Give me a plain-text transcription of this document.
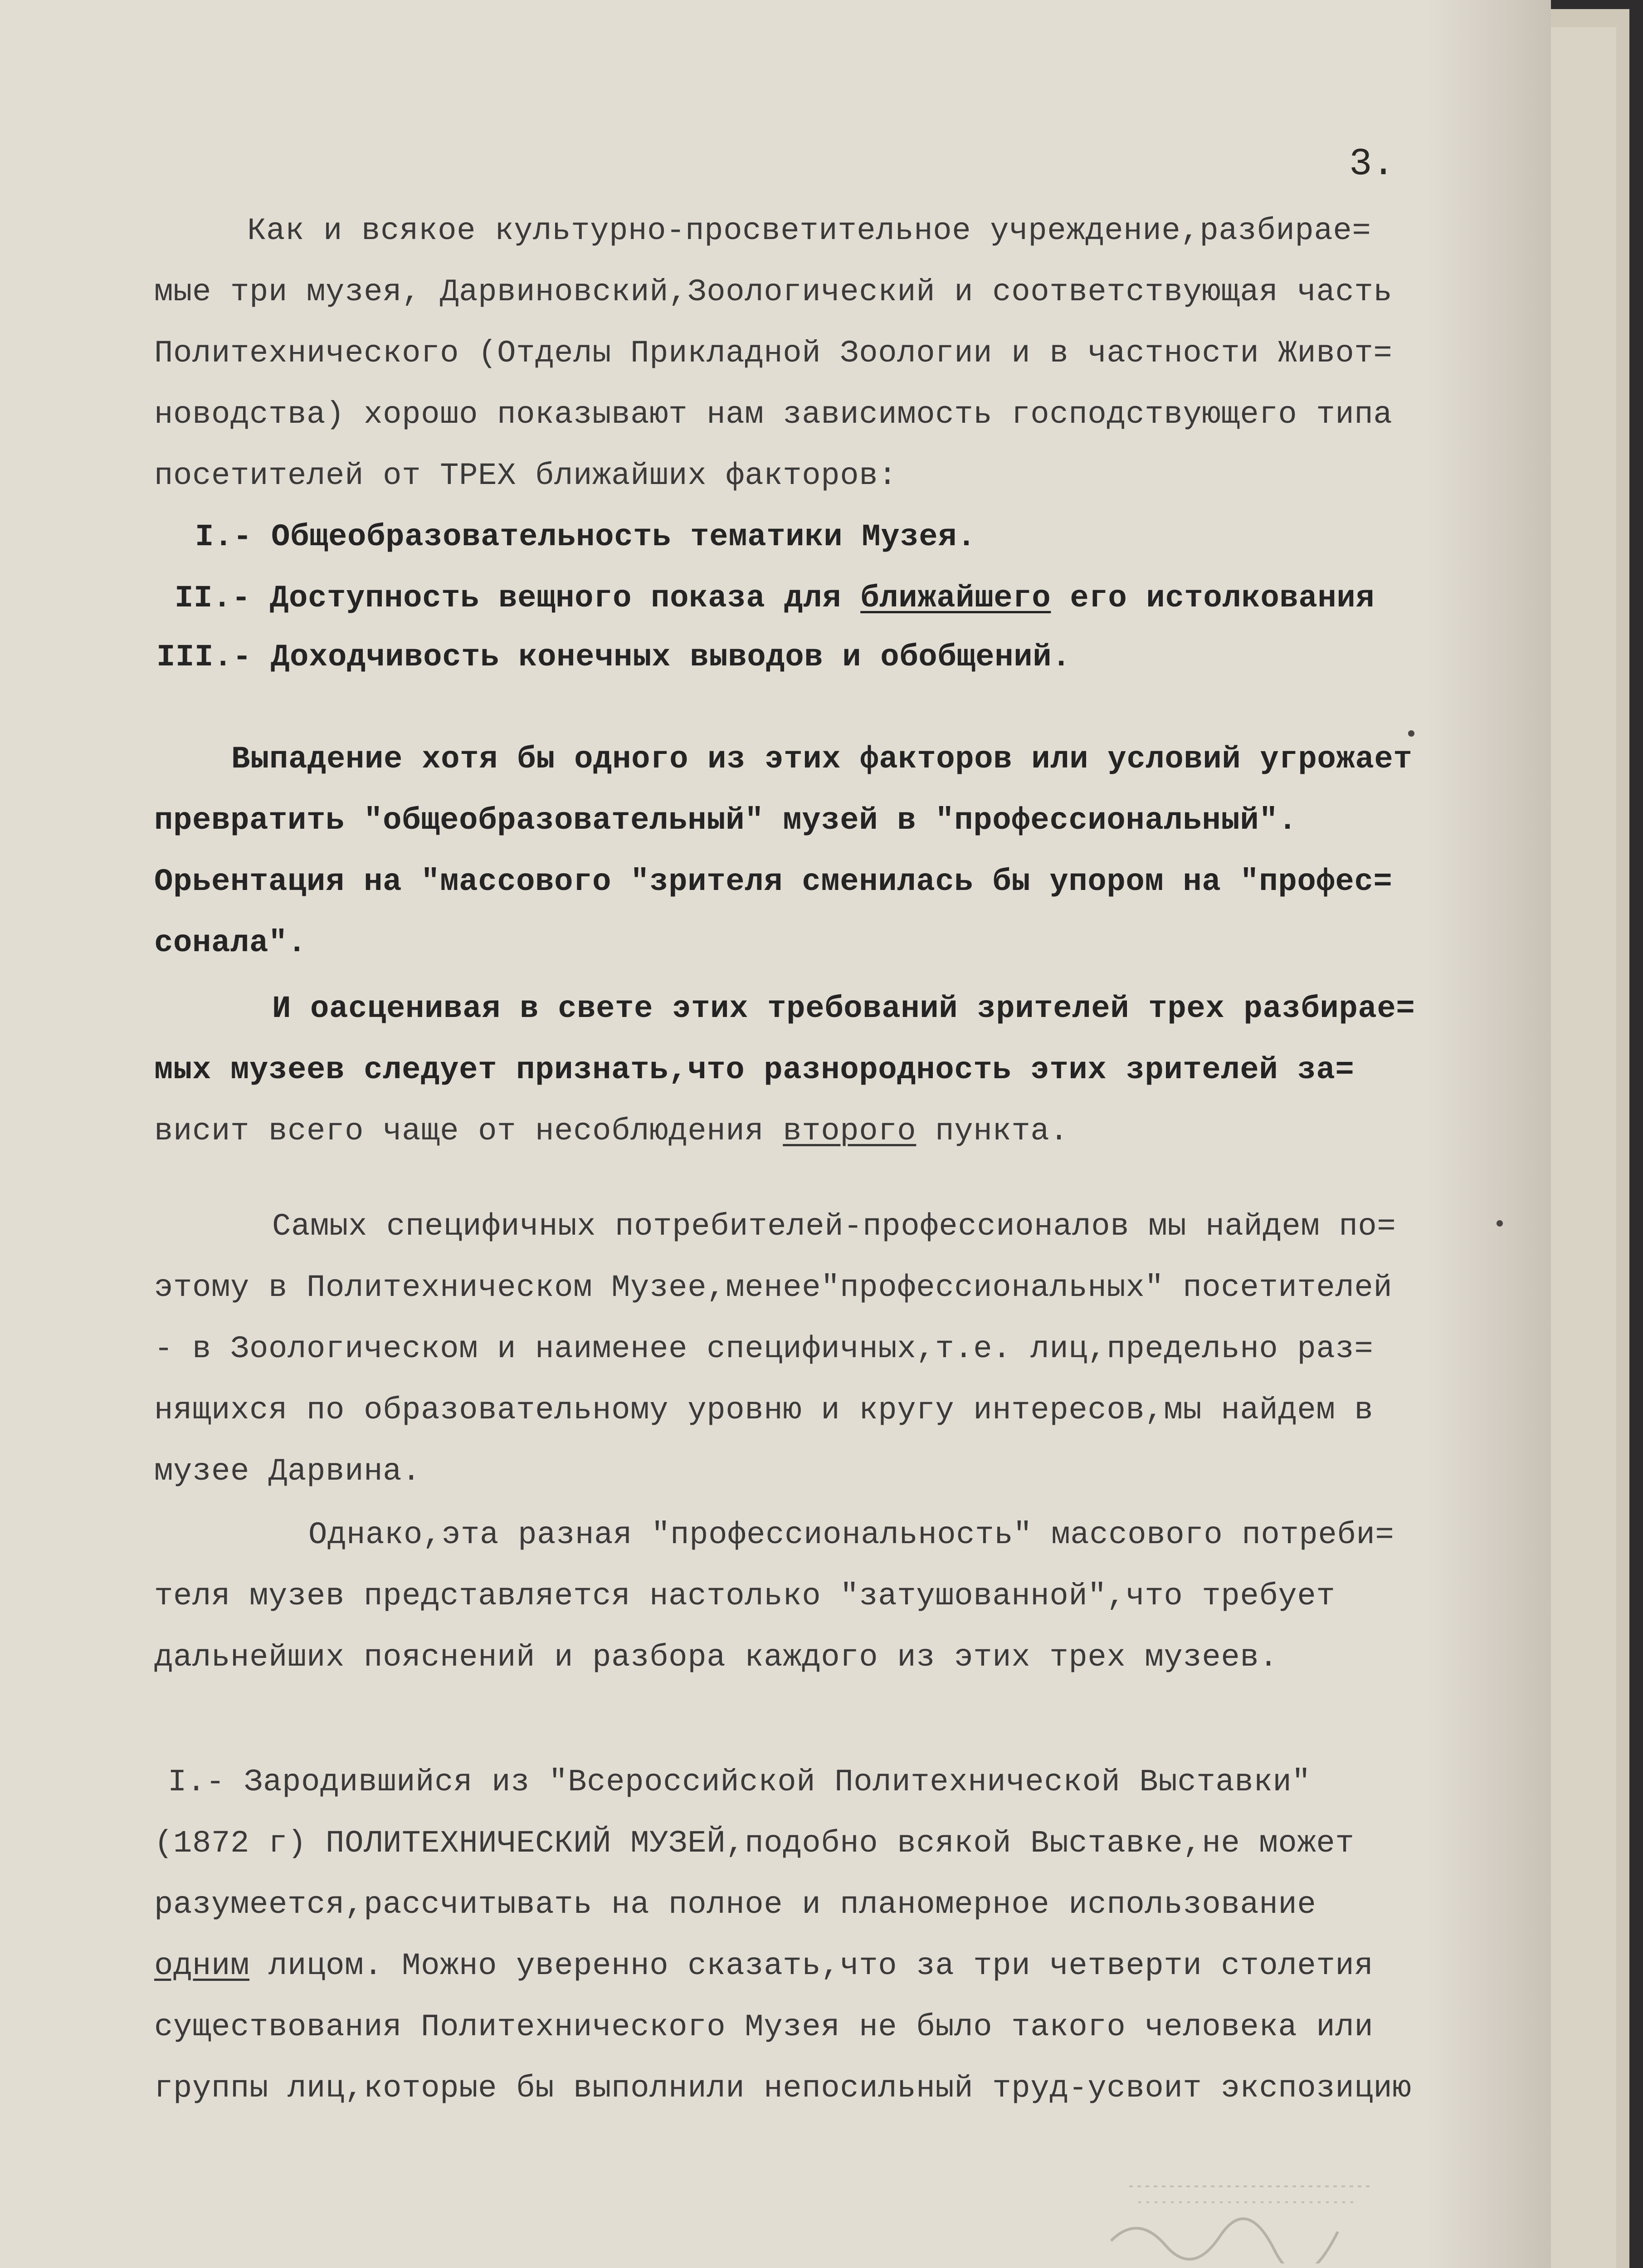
3.
Как и всякое культурно-просветительное учреждение,разбирае=
мые три музея, Дарвиновский,Зоологический и соответствующая часть
Политехнического (Отделы Прикладной Зоологии и в частности Живот=
новодства) хорошо показывают нам зависимость господствующего типа
посетителей от ТРЕХ ближайших факторов:
I.- Общеобразовательность тематики Музея.
III.- Доходчивость конечных выводов и обобщений.
превратить "общеобразовательный" музей в "профессиональный".
Орьентация на "массового "зрителя сменилась бы упором на "профес=
сонала".
И оасценивая в свете этих требований зрителей трех разбирае=
мых музеев следует признать,что разнородность этих зрителей за=
Самых специфичных потребителей-профессионалов мы найдем по=
этому в Политехническом Музее,менее"профессиональных" посетителей
- в Зоологическом и наименее специфичных,т.е. лиц,предельно раз=
нящихся по образовательному уровню и кругу интересов,мы найдем в
музее Дарвина.
Однако,эта разная "профессиональность" массового потреби=
теля музев представляется настолько "затушованной",что требует
дальнейших пояснений и разбора каждого из этих трех музеев.
I.- Зародившийся из "Всероссийской Политехнической Выставки"
(1872 г) ПОЛИТЕХНИЧЕСКИЙ МУЗЕЙ,подобно всякой Выставке,не может
разумеется,рассчитывать на полное и планомерное использование
существования Политехнического Музея не было такого человека или
группы лиц,которые бы выполнили непосильный труд-усвоит экспозицию
II.- Доступность вещного показа для ближайшего его истолкования
Выпадение хотя бы одного из этих факторов или условий угрожает
висит всего чаще от несоблюдения второго пункта.
одним лицом. Можно уверенно сказать,что за три четверти столетия
